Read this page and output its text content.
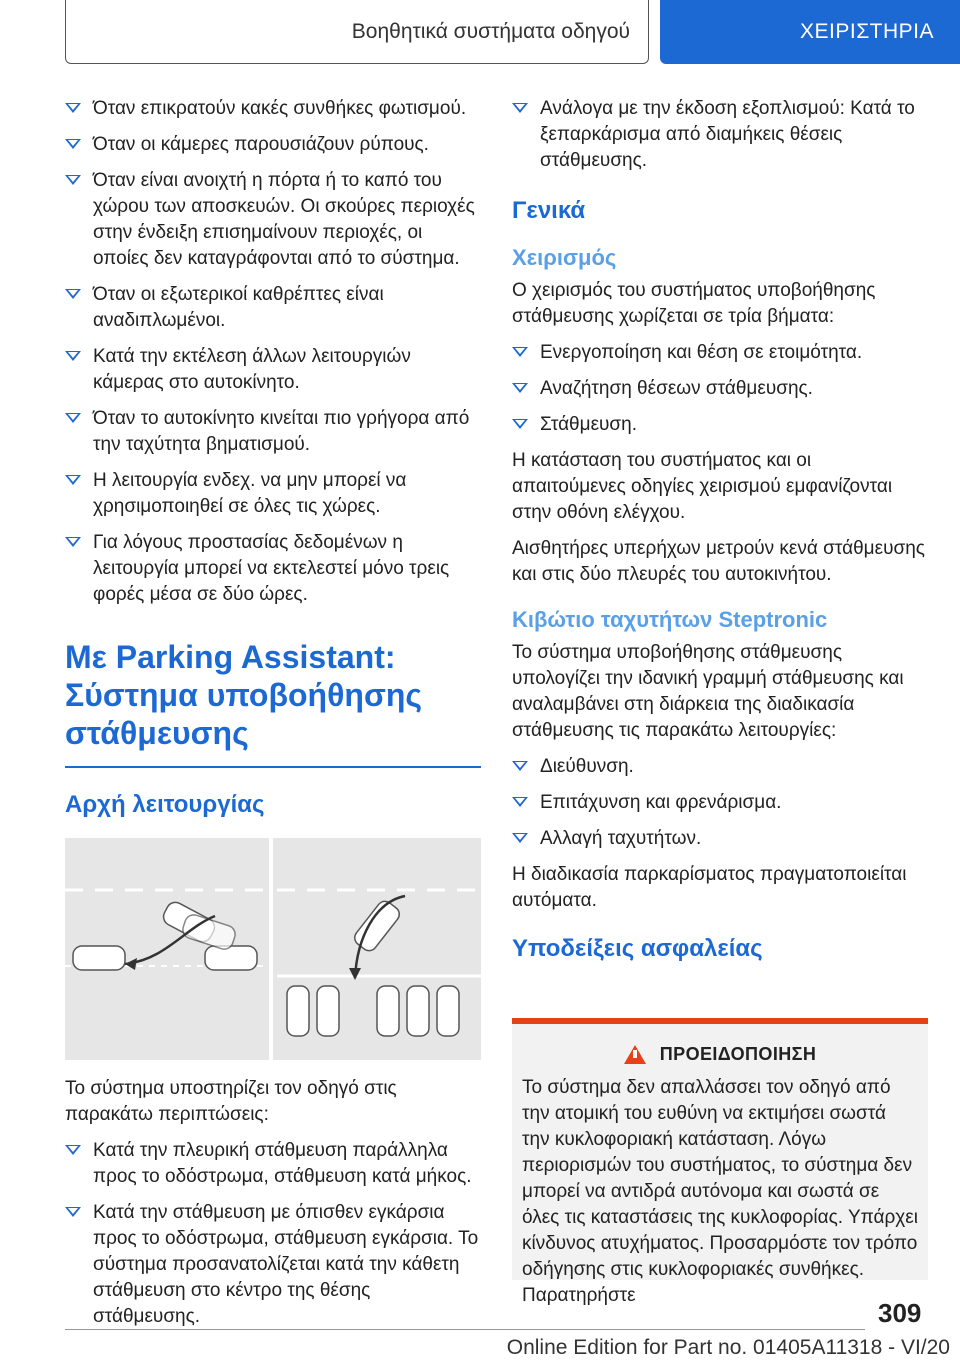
Βοηθητικά συστήματα οδηγού	ΧΕΙΡΙΣΤΗΡΙΑ
Όταν επικρατούν κακές συνθήκες φωτισμού.
Όταν οι κάμερες παρουσιάζουν ρύπους.
Όταν είναι ανοιχτή η πόρτα ή το καπό του χώρου των αποσκευών. Οι σκούρες περιοχές στην ένδειξη επισημαίνουν περιοχές, οι οποίες δεν καταγράφονται από το σύστημα.
Όταν οι εξωτερικοί καθρέπτες είναι αναδιπλωμένοι.
Κατά την εκτέλεση άλλων λειτουργιών κάμερας στο αυτοκίνητο.
Όταν το αυτοκίνητο κινείται πιο γρήγορα από την ταχύτητα βηματισμού.
Η λειτουργία ενδεχ. να μην μπορεί να χρησιμοποιηθεί σε όλες τις χώρες.
Για λόγους προστασίας δεδομένων η λειτουργία μπορεί να εκτελεστεί μόνο τρεις φορές μέσα σε δύο ώρες.
Με Parking Assistant: Σύστημα υποβοήθησης στάθμευσης
Αρχή λειτουργίας
Το σύστημα υποστηρίζει τον οδηγό στις παρακάτω περιπτώσεις:
Κατά την πλευρική στάθμευση παράλληλα προς το οδόστρωμα, στάθμευση κατά μήκος.
Κατά την στάθμευση με όπισθεν εγκάρσια προς το οδόστρωμα, στάθμευση εγκάρσια. Το σύστημα προσανατολίζεται κατά την κάθετη στάθμευση στο κέντρο της θέσης στάθμευσης.
Ανάλογα με την έκδοση εξοπλισμού: Κατά το ξεπαρκάρισμα από διαμήκεις θέσεις στάθμευσης.
Γενικά
Χειρισμός
Ο χειρισμός του συστήματος υποβοήθησης στάθμευσης χωρίζεται σε τρία βήματα:
Ενεργοποίηση και θέση σε ετοιμότητα.
Αναζήτηση θέσεων στάθμευσης.
Στάθμευση.
Η κατάσταση του συστήματος και οι απαιτούμενες οδηγίες χειρισμού εμφανίζονται στην οθόνη ελέγχου.
Αισθητήρες υπερήχων μετρούν κενά στάθμευσης και στις δύο πλευρές του αυτοκινήτου.
Κιβώτιο ταχυτήτων Steptronic
Το σύστημα υποβοήθησης στάθμευσης υπολογίζει την ιδανική γραμμή στάθμευσης και αναλαμβάνει στη διάρκεια της διαδικασία στάθμευσης τις παρακάτω λειτουργίες:
Διεύθυνση.
Επιτάχυνση και φρενάρισμα.
Αλλαγή ταχυτήτων.
Η διαδικασία παρκαρίσματος πραγματοποιείται αυτόματα.
Υποδείξεις ασφαλείας
ΠΡΟΕΙΔΟΠΟΙΗΣΗ
Το σύστημα δεν απαλλάσσει τον οδηγό από την ατομική του ευθύνη να εκτιμήσει σωστά την κυκλοφοριακή κατάσταση. Λόγω περιορισμών του συστήματος, το σύστημα δεν μπορεί να αντιδρά αυτόνομα και σωστά σε όλες τις καταστάσεις της κυκλοφορίας. Υπάρχει κίνδυνος ατυχήματος. Προσαρμόστε τον τρόπο οδήγησης στις κυκλοφοριακές συνθήκες. Παρατηρήστε
309
Online Edition for Part no. 01405A11318 - VI/20
